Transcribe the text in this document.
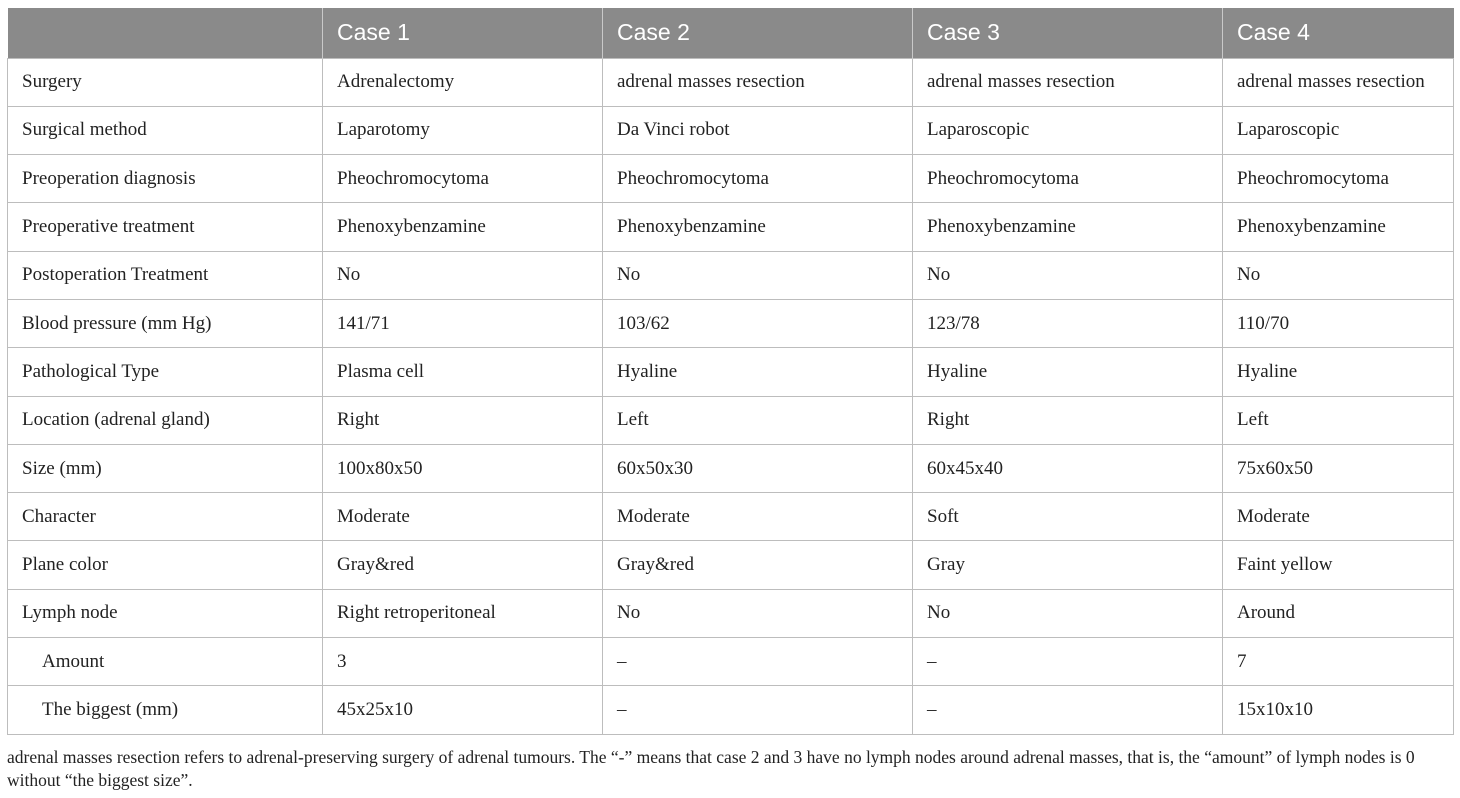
	Case 1	Case 2	Case 3	Case 4
Surgery	Adrenalectomy	adrenal masses resection	adrenal masses resection	adrenal masses resection
Surgical method	Laparotomy	Da Vinci robot	Laparoscopic	Laparoscopic
Preoperation diagnosis	Pheochromocytoma	Pheochromocytoma	Pheochromocytoma	Pheochromocytoma
Preoperative treatment	Phenoxybenzamine	Phenoxybenzamine	Phenoxybenzamine	Phenoxybenzamine
Postoperation Treatment	No	No	No	No
Blood pressure (mm Hg)	141/71	103/62	123/78	110/70
Pathological Type	Plasma cell	Hyaline	Hyaline	Hyaline
Location (adrenal gland)	Right	Left	Right	Left
Size (mm)	100x80x50	60x50x30	60x45x40	75x60x50
Character	Moderate	Moderate	Soft	Moderate
Plane color	Gray&red	Gray&red	Gray	Faint yellow
Lymph node	Right retroperitoneal	No	No	Around
Amount	3	–	–	7
The biggest (mm)	45x25x10	–	–	15x10x10
adrenal masses resection refers to adrenal-preserving surgery of adrenal tumours. The “-” means that case 2 and 3 have no lymph nodes around adrenal masses, that is, the “amount” of lymph nodes is 0 without “the biggest size”.
